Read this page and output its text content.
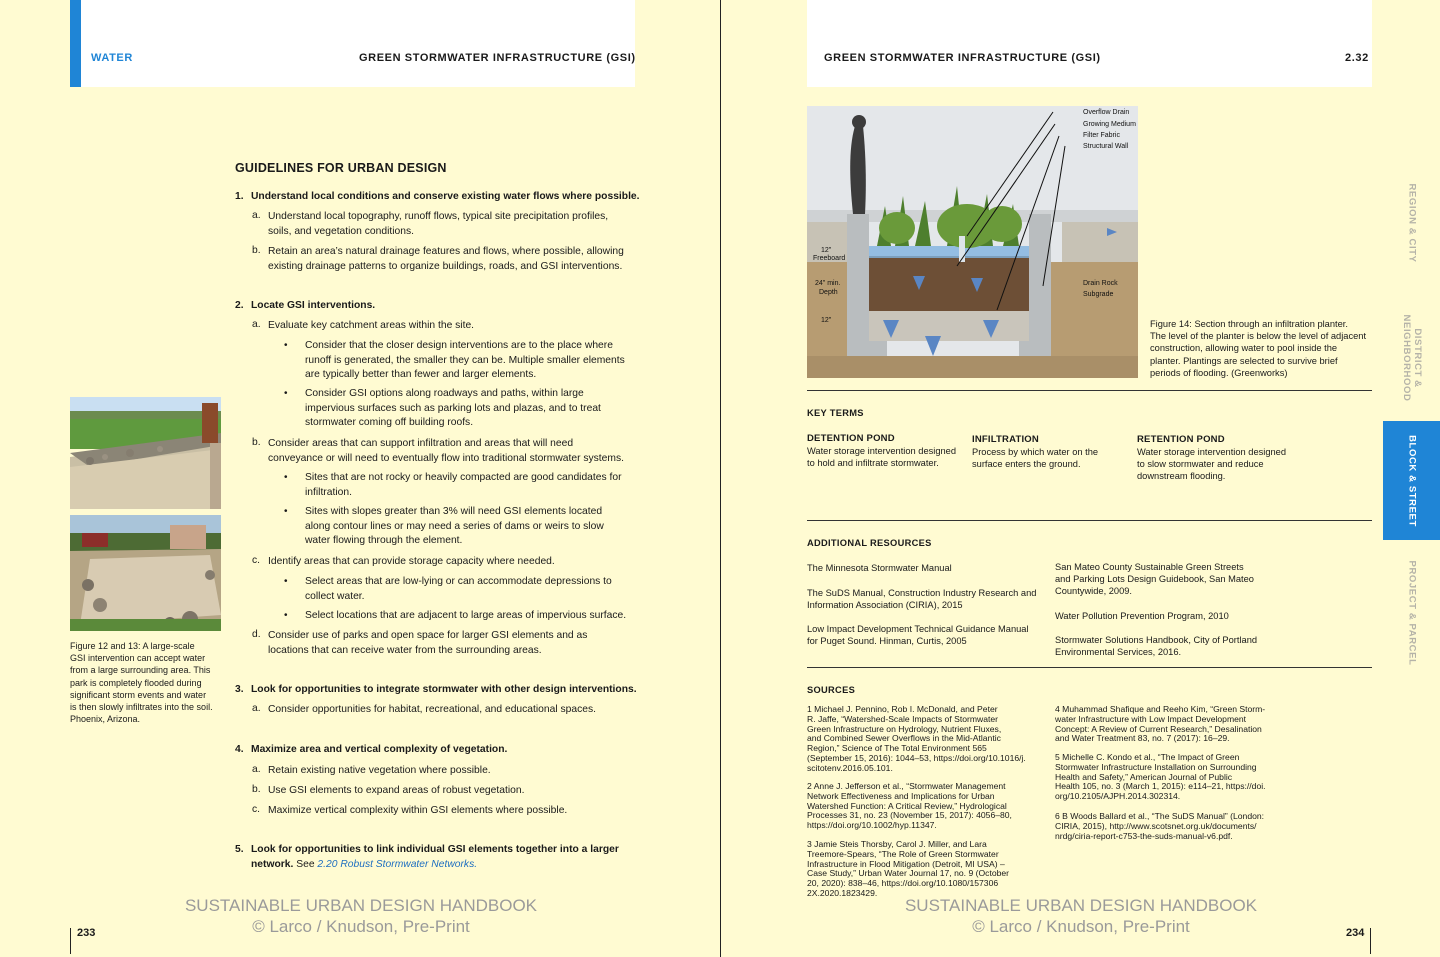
WATER	GREEN STORMWATER INFRASTRUCTURE (GSI)
GUIDELINES FOR URBAN DESIGN
1. Understand local conditions and conserve existing water flows where possible.
a. Understand local topography, runoff flows, typical site precipitation profiles,
soils, and vegetation conditions.
b. Retain an area’s natural drainage features and flows, where possible, allowing
existing drainage patterns to organize buildings, roads, and GSI interventions.
2. Locate GSI interventions.
a. Evaluate key catchment areas within the site.
• Consider that the closer design interventions are to the place where
runoff is generated, the smaller they can be. Multiple smaller elements
are typically better than fewer and larger elements.
• Consider GSI options along roadways and paths, within large
impervious surfaces such as parking lots and plazas, and to treat
stormwater coming off building roofs.
b. Consider areas that can support infiltration and areas that will need
conveyance or will need to eventually flow into traditional stormwater systems.
• Sites that are not rocky or heavily compacted are good candidates for
infiltration.
• Sites with slopes greater than 3% will need GSI elements located
along contour lines or may need a series of dams or weirs to slow
water flowing through the element.
c. Identify areas that can provide storage capacity where needed.
• Select areas that are low-lying or can accommodate depressions to
collect water.
• Select locations that are adjacent to large areas of impervious surface.
d. Consider use of parks and open space for larger GSI elements and as
locations that can receive water from the surrounding areas.
3. Look for opportunities to integrate stormwater with other design interventions.
a. Consider opportunities for habitat, recreational, and educational spaces.
4. Maximize area and vertical complexity of vegetation.
a. Retain existing native vegetation where possible.
b. Use GSI elements to expand areas of robust vegetation.
c. Maximize vertical complexity within GSI elements where possible.
5. Look for opportunities to link individual GSI elements together into a larger
network. See 2.20 Robust Stormwater Networks.
Figure 12 and 13: A large-scale
GSI intervention can accept water
from a large surrounding area. This
park is completely flooded during
significant storm events and water
is then slowly infiltrates into the soil.
Phoenix, Arizona.
SUSTAINABLE URBAN DESIGN HANDBOOK
© Larco / Knudson, Pre-Print
233
GREEN STORMWATER INFRASTRUCTURE (GSI)	2.32
Overflow Drain
Growing Medium
Filter Fabric
Structural Wall
12"
Freeboard
24" min.
Depth
12"
Drain Rock
Subgrade
Figure 14: Section through an infiltration planter.
The level of the planter is below the level of adjacent
construction, allowing water to pool inside the
planter. Plantings are selected to survive brief
periods of flooding. (Greenworks)
KEY TERMS
DETENTION POND
Water storage intervention designed
to hold and infiltrate stormwater.
INFILTRATION
Process by which water on the
surface enters the ground.
RETENTION POND
Water storage intervention designed
to slow stormwater and reduce
downstream flooding.
ADDITIONAL RESOURCES
The Minnesota Stormwater Manual
The SuDS Manual, Construction Industry Research and
Information Association (CIRIA), 2015
Low Impact Development Technical Guidance Manual
for Puget Sound. Hinman, Curtis, 2005
San Mateo County Sustainable Green Streets
and Parking Lots Design Guidebook, San Mateo
Countywide, 2009.
Water Pollution Prevention Program, 2010
Stormwater Solutions Handbook, City of Portland
Environmental Services, 2016.
SOURCES
1 Michael J. Pennino, Rob I. McDonald, and Peter
R. Jaffe, “Watershed-Scale Impacts of Stormwater
Green Infrastructure on Hydrology, Nutrient Fluxes,
and Combined Sewer Overflows in the Mid-Atlantic
Region,” Science of The Total Environment 565
(September 15, 2016): 1044–53, https://doi.org/10.1016/j.
scitotenv.2016.05.101.
2 Anne J. Jefferson et al., “Stormwater Management
Network Effectiveness and Implications for Urban
Watershed Function: A Critical Review,” Hydrological
Processes 31, no. 23 (November 15, 2017): 4056–80,
https://doi.org/10.1002/hyp.11347.
3 Jamie Steis Thorsby, Carol J. Miller, and Lara
Treemore-Spears, “The Role of Green Stormwater
Infrastructure in Flood Mitigation (Detroit, MI USA) –
Case Study,” Urban Water Journal 17, no. 9 (October
20, 2020): 838–46, https://doi.org/10.1080/157306
2X.2020.1823429.
4 Muhammad Shafique and Reeho Kim, “Green Storm-
water Infrastructure with Low Impact Development
Concept: A Review of Current Research,” Desalination
and Water Treatment 83, no. 7 (2017): 16–29.
5 Michelle C. Kondo et al., “The Impact of Green
Stormwater Infrastructure Installation on Surrounding
Health and Safety,” American Journal of Public
Health 105, no. 3 (March 1, 2015): e114–21, https://doi.
org/10.2105/AJPH.2014.302314.
6 B Woods Ballard et al., “The SuDS Manual” (London:
CIRIA, 2015), http://www.scotsnet.org.uk/documents/
nrdg/ciria-report-c753-the-suds-manual-v6.pdf.
SUSTAINABLE URBAN DESIGN HANDBOOK
© Larco / Knudson, Pre-Print	234
REGION & CITY
DISTRICT &
NEIGHBORHOOD
BLOCK & STREET
PROJECT & PARCEL
